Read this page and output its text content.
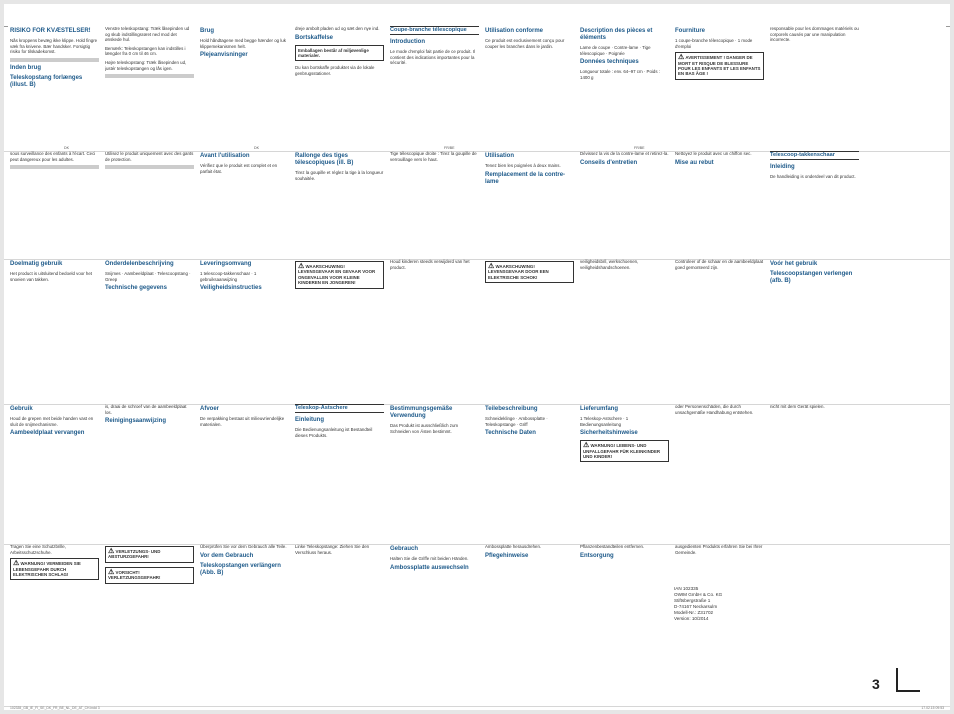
RISIKO FOR KVÆSTELSER!

Nås kroppens bevæg ikke klippe. Hold fingre væk fra knivene. Bær handsker. Forsigtig risiko for tilskadekomst.

Inden brug
Teleskopstang forlænges (illust. B)

Venstre teleskopstang: Træk låsepinden ud og skub indstillingsrøret ned mod det ønskede hul.

Bemærk: Teleskopstangen kan indstilles i længder fra 0 cm til 46 cm.

Højre teleskopstang: Træk låsepinden ud, justér teleskopstangen og lås igen.

Brug

Hold håndtagene med begge hænder og luk klippemekanismen helt.

Plejeanvisninger

dreje ambolt pladen ud og sæt den nye ind.

Bortskaffelse
Emballagen består af miljøvenlige materialer.

Du kan bortskaffe produktet via de lokale genbrugsstationer.

Coupe-branche télescopique
Introduction

Le mode d'emploi fait partie de ce produit. Il contient des indications importantes pour la sécurité.

Utilisation conforme

Ce produit est exclusivement conçu pour couper les branches dans le jardin.

Description des pièces et éléments

Lame de coupe · Contre-lame · Tige télescopique · Poignée

Données techniques

Longueur totale : env. 64–97 cm · Poids : 1400 g

Fourniture

1 coupe-branche télescopique · 1 mode d'emploi

⚠ AVERTISSEMENT ! DANGER DE MORT ET RISQUE DE BLESSURE POUR LES ENFANTS ET LES ENFANTS EN BAS ÂGE !

responsable pour les dommages matériels ou corporels causés par une manipulation incorrecte.

DK	DK	FR/BE	FR/BE

sous surveillance des enfants à l'écart. Ceci peut dangereux pour les adultes.

Utilisez le produit uniquement avec des gants de protection.

Avant l'utilisation

Vérifiez que le produit est complet et en parfait état.

Rallonge des tiges télescopiques (ill. B)

Tirez la goupille et réglez la tige à la longueur souhaitée.

Tige télescopique droite : Tirez la goupille de verrouillage vers le haut.

Utilisation

Tenez bien les poignées à deux mains.

Remplacement de la contre-lame

Dévissez la vis de la contre-lame et retirez-la.

Conseils d'entretien

Nettoyez le produit avec un chiffon sec.

Mise au rebut
Telescoop-takkenschaar
Inleiding

De handleiding is onderdeel van dit product.

Doelmatig gebruik

Het product is uitsluitend bedoeld voor het snoeien van takken.

Onderdelenbeschrijving

Snijmes · Aambeeldplaat · Telescoopstang · Greep

Technische gegevens
Leveringsomvang

1 telescoop-takkenschaar · 1 gebruiksaanwijzing

Veiligheidsinstructies
⚠ WAARSCHUWING! LEVENSGEVAAR EN GEVAAR VOOR ONGEVALLEN VOOR KLEINE KINDEREN EN JONGEREN!

Houd kinderen steeds verwijderd van het product.	⚠ WAARSCHUWING! LEVENSGEVAAR DOOR EEN ELEKTRISCHE SCHOK!

veiligheidsbril, werkschoenen, veiligheidshandschoenen.

Controleer of de schaar en de aambeeldplaat goed gemonteerd zijn.

Voór het gebruik
Telescoopstangen verlengen (afb. B)
Gebruik

Houd de grepen met beide handen vast en sluit de snijmechanisme.

Aambeeldplaat vervangen

is, draai de schroef van de aambeeldplaat los.

Reinigingsaanwijzing
Afvoer

De verpakking bestaat uit milieuvriendelijke materialen.

Teleskop-Astschere
Einleitung

Die Bedienungsanleitung ist Bestandteil dieses Produkts.

Bestimmungsgemäße Verwendung

Das Produkt ist ausschließlich zum Schneiden von Ästen bestimmt.

Teilebeschreibung

Schneideklinge · Ambossplatte · Teleskopstange · Griff

Technische Daten
Lieferumfang

1 Teleskop-Astschere · 1 Bedienungsanleitung

Sicherheitshinweise
⚠ WARNUNG! LEBENS- UND UNFALLGEFAHR FÜR KLEINKINDER UND KINDER!

oder Personenschäden, die durch unsachgemäße Handhabung entstehen.

nicht mit dem Gerät spielen.

Tragen Sie eine Schutzbrille, Arbeitsschutzschuhe.

⚠ WARNUNG! VERMEIDEN SIE LEBENSGEFAHR DURCH ELEKTRISCHEN SCHLAG!
⚠ VERLETZUNGS- UND ABSTURZGEFAHR!
⚠ VORSICHT! VERLETZUNGSGEFAHR!

Überprüfen Sie vor dem Gebrauch alle Teile.

Vor dem Gebrauch
Teleskopstangen verlängern (Abb. B)

Linke Teleskopstange: Ziehen Sie den Verschluss heraus.

Gebrauch

Halten Sie die Griffe mit beiden Händen.

Ambossplatte auswechseln

Ambossplatte herausdrehen.

Pflegehinweise

Pflanzenbestandteilen entfernen.

Entsorgung

ausgedienten Produkts erfahren Sie bei Ihrer Gemeinde.

IAN 102335
OWIM GmbH & Co. KG
Stiftsbergstraße 1
D-74167 Neckarsulm
Modell-Nr.: Z31702
Version: 10/2014
3
102335_GB_IE_FI_SE_DK_FR_BE_NL_DE_AT_CH.indd 3	17.02.15 09:53
